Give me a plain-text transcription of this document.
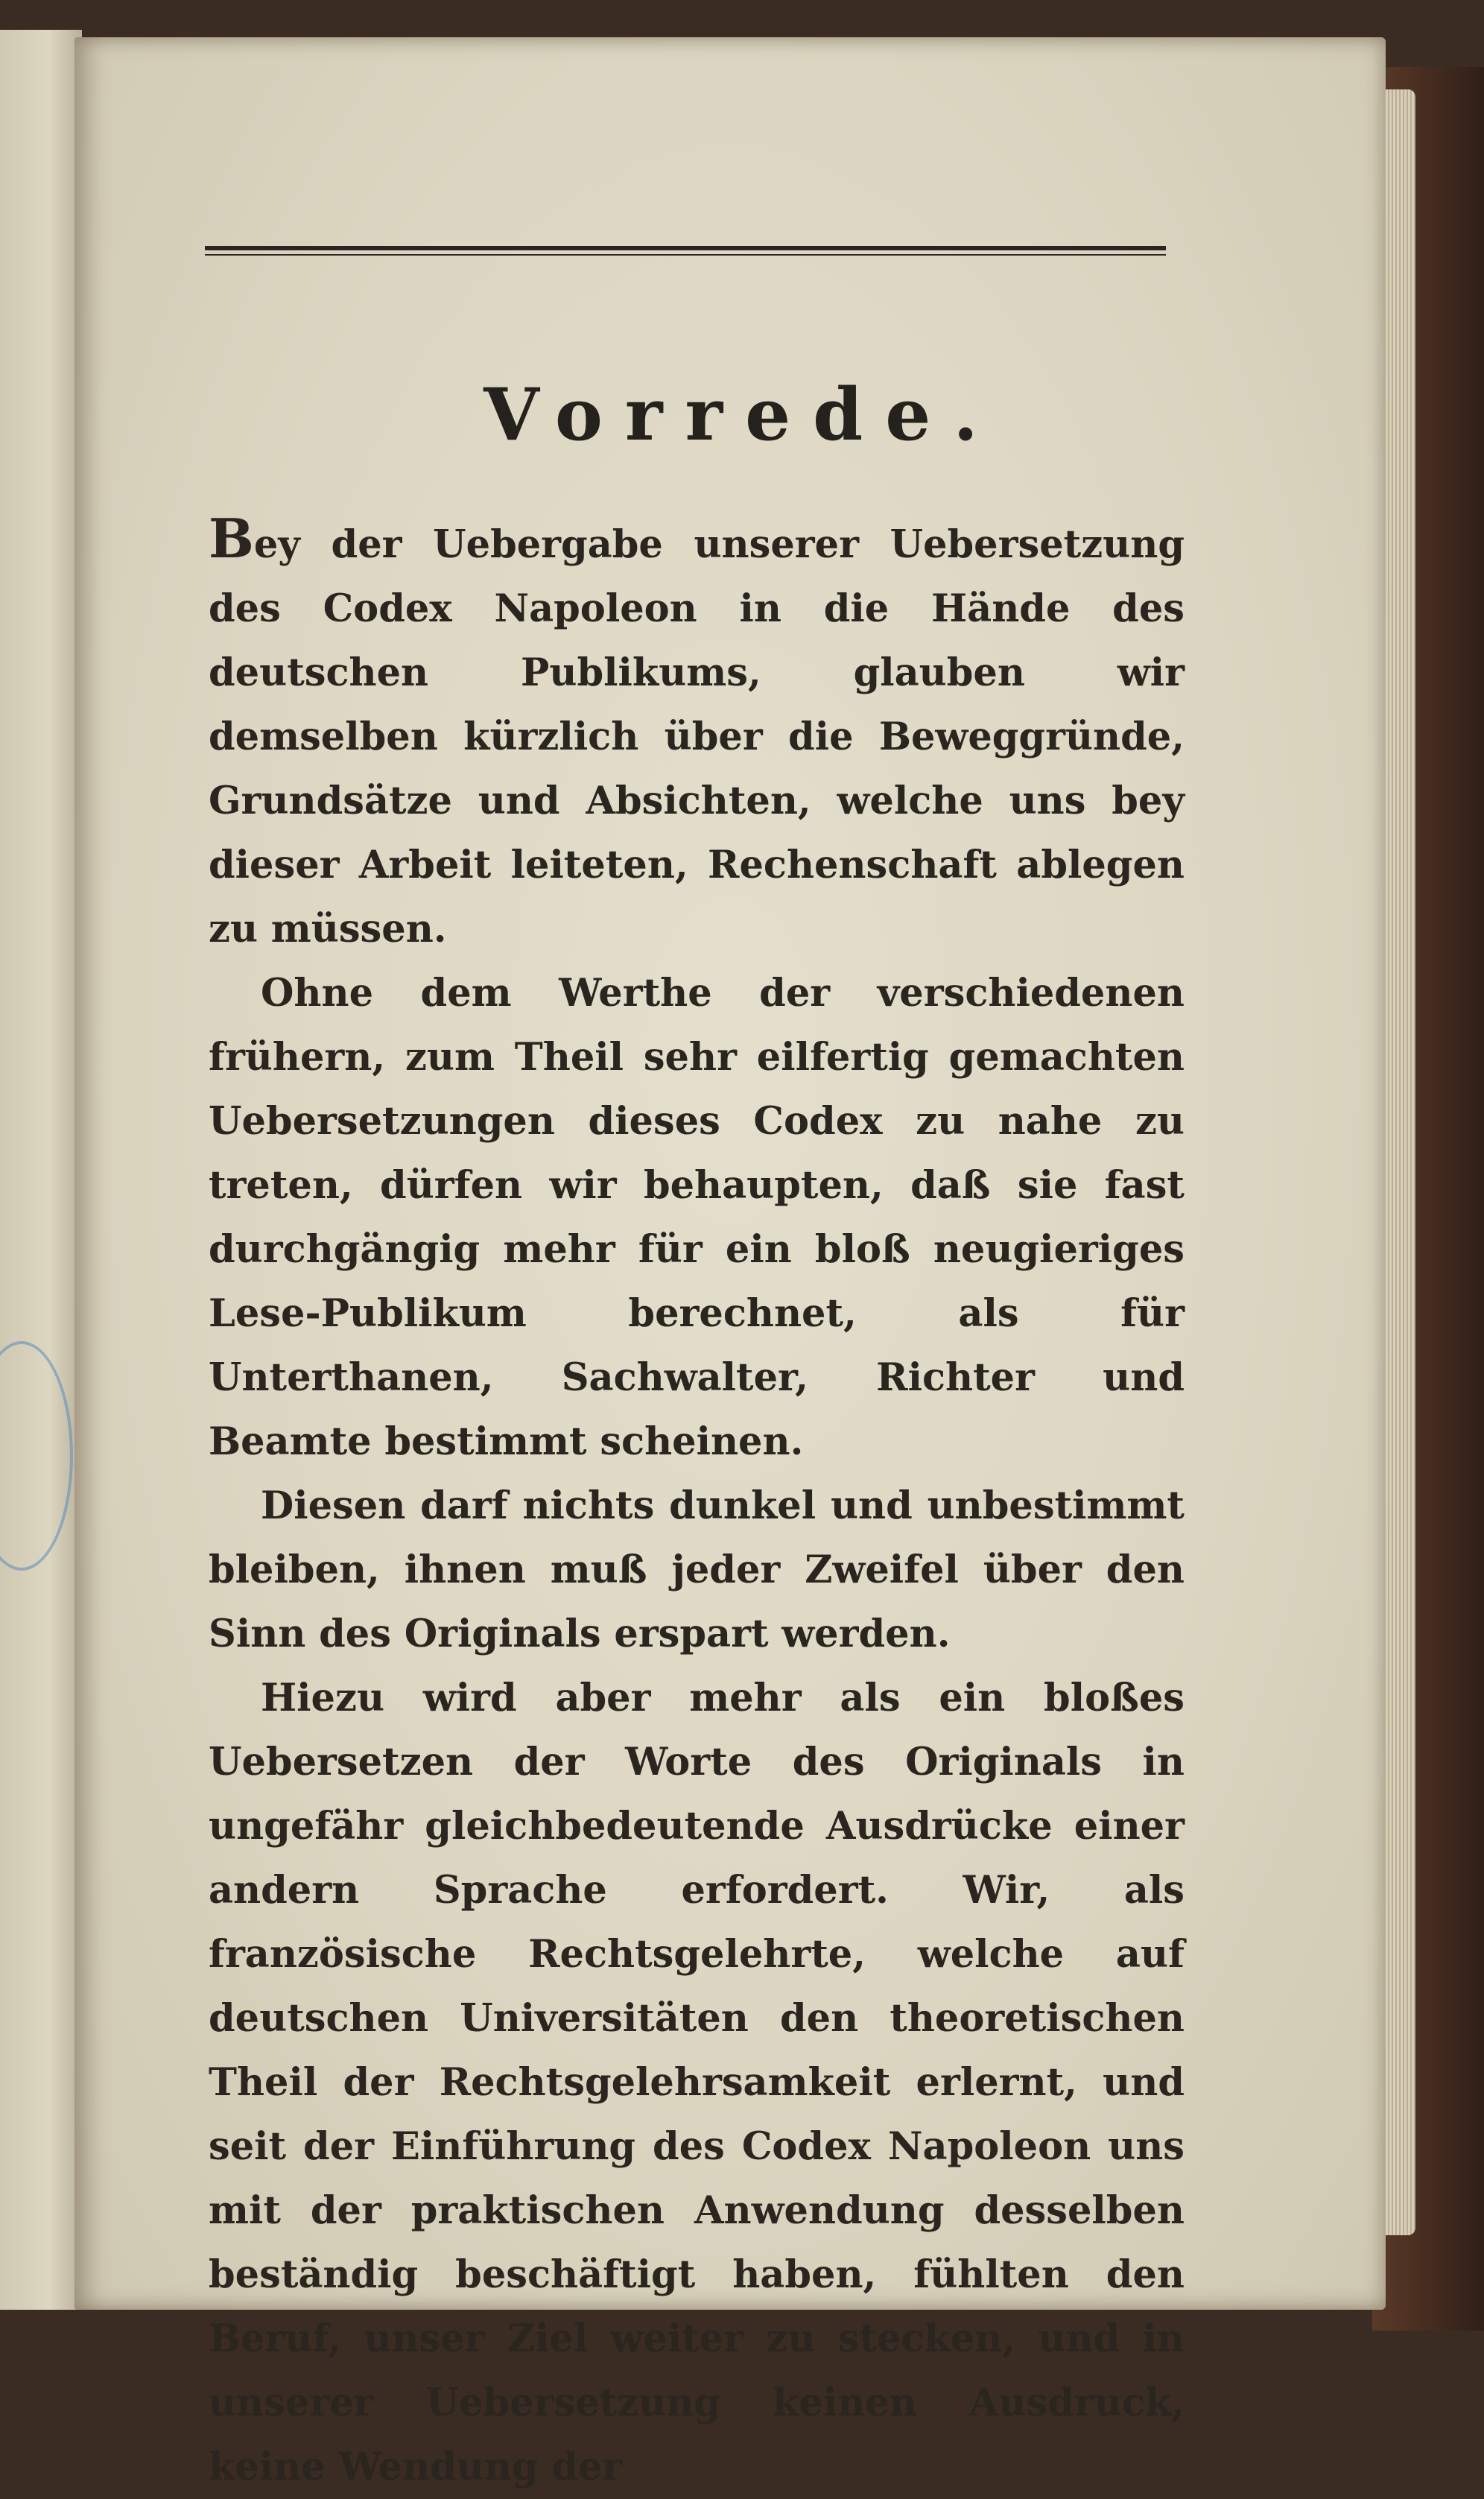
Vorrede.

Bey der Uebergabe unserer Uebersetzung des Codex Napoleon in die Hände des deutschen Publikums, glauben wir demselben kürzlich über die Beweggründe, Grundsätze und Absichten, welche uns bey dieser Arbeit leiteten, Rechenschaft ablegen zu müssen.

Ohne dem Werthe der verschiedenen frühern, zum Theil sehr eilfertig gemachten Uebersetzungen dieses Codex zu nahe zu treten, dürfen wir behaupten, daß sie fast durchgängig mehr für ein bloß neugieriges Lese-Publikum berechnet, als für Unterthanen, Sachwalter, Richter und Beamte bestimmt scheinen.

Diesen darf nichts dunkel und unbestimmt bleiben, ihnen muß jeder Zweifel über den Sinn des Originals erspart werden.

Hiezu wird aber mehr als ein bloßes Uebersetzen der Worte des Originals in ungefähr gleichbedeutende Ausdrücke einer andern Sprache erfordert. Wir, als französische Rechtsgelehrte, welche auf deutschen Universitäten den theoretischen Theil der Rechtsgelehrsamkeit erlernt, und seit der Einführung des Codex Napoleon uns mit der praktischen Anwendung desselben beständig beschäftigt haben, fühlten den Beruf, unser Ziel weiter zu stecken, und in unserer Uebersetzung keinen Ausdruck, keine Wendung der
